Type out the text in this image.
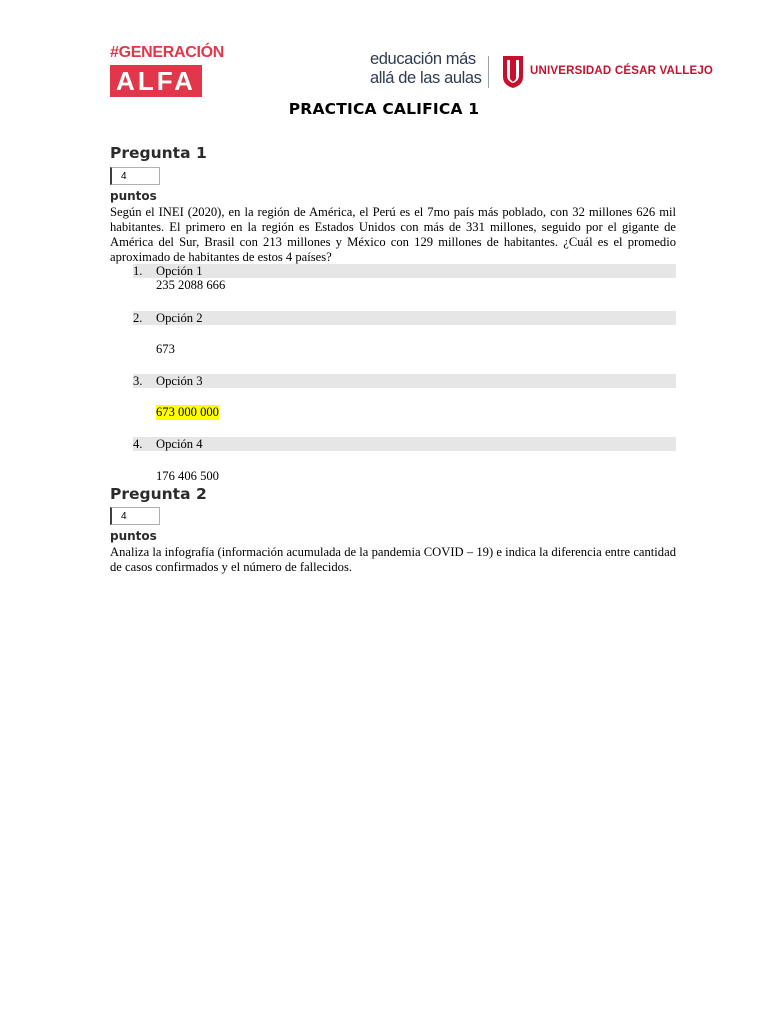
#GENERACIÓN
ALFA
educación más
allá de las aulas	UNIVERSIDAD CÉSAR VALLEJO
PRACTICA CALIFICA 1
Pregunta 1
4
puntos

Según el INEI (2020), en la región de América, el Perú es el 7mo país más poblado, con 32 millones 626 mil habitantes. El primero en la región es Estados Unidos con más de 331 millones, seguido por el gigante de América del Sur, Brasil con 213 millones y México con 129 millones de habitantes. ¿Cuál es el promedio aproximado de habitantes de estos 4 países?

1. Opción 1
235 2088 666
2. Opción 2
673
3. Opción 3
673 000 000
4. Opción 4
176 406 500
Pregunta 2
4
puntos

Analiza la infografía (información acumulada de la pandemia COVID – 19) e indica la diferencia entre cantidad de casos confirmados y el número de fallecidos.
